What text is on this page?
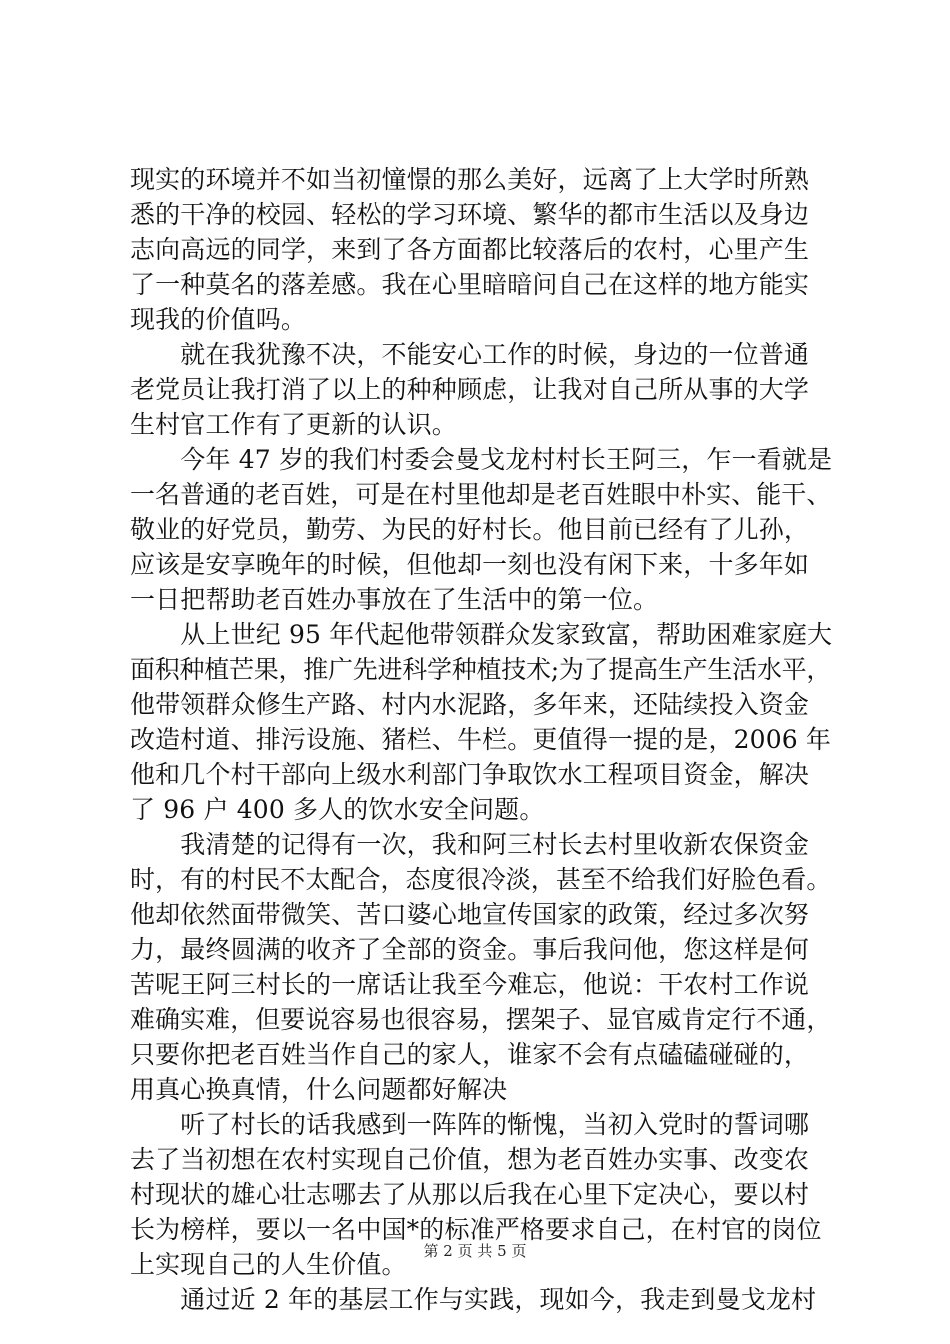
现实的环境并不如当初憧憬的那么美好，远离了上大学时所熟
悉的干净的校园、轻松的学习环境、繁华的都市生活以及身边
志向高远的同学，来到了各方面都比较落后的农村，心里产生
了一种莫名的落差感。我在心里暗暗问自己在这样的地方能实
现我的价值吗。
　　就在我犹豫不决，不能安心工作的时候，身边的一位普通
老党员让我打消了以上的种种顾虑，让我对自己所从事的大学
生村官工作有了更新的认识。
　　今年 47 岁的我们村委会曼戈龙村村长王阿三，乍一看就是
一名普通的老百姓，可是在村里他却是老百姓眼中朴实、能干、
敬业的好党员，勤劳、为民的好村长。他目前已经有了儿孙，
应该是安享晚年的时候，但他却一刻也没有闲下来，十多年如
一日把帮助老百姓办事放在了生活中的第一位。
　　从上世纪 95 年代起他带领群众发家致富，帮助困难家庭大
面积种植芒果，推广先进科学种植技术;为了提高生产生活水平，
他带领群众修生产路、村内水泥路，多年来，还陆续投入资金
改造村道、排污设施、猪栏、牛栏。更值得一提的是，2006 年
他和几个村干部向上级水利部门争取饮水工程项目资金，解决
了 96 户 400 多人的饮水安全问题。
　　我清楚的记得有一次，我和阿三村长去村里收新农保资金
时，有的村民不太配合，态度很冷淡，甚至不给我们好脸色看。
他却依然面带微笑、苦口婆心地宣传国家的政策，经过多次努
力，最终圆满的收齐了全部的资金。事后我问他，您这样是何
苦呢王阿三村长的一席话让我至今难忘，他说：干农村工作说
难确实难，但要说容易也很容易，摆架子、显官威肯定行不通，
只要你把老百姓当作自己的家人，谁家不会有点磕磕碰碰的，
用真心换真情，什么问题都好解决
　　听了村长的话我感到一阵阵的惭愧，当初入党时的誓词哪
去了当初想在农村实现自己价值，想为老百姓办实事、改变农
村现状的雄心壮志哪去了从那以后我在心里下定决心，要以村
长为榜样，要以一名中国*的标准严格要求自己，在村官的岗位
上实现自己的人生价值。
　　通过近 2 年的基层工作与实践，现如今，我走到曼戈龙村
第 2 页 共 5 页
